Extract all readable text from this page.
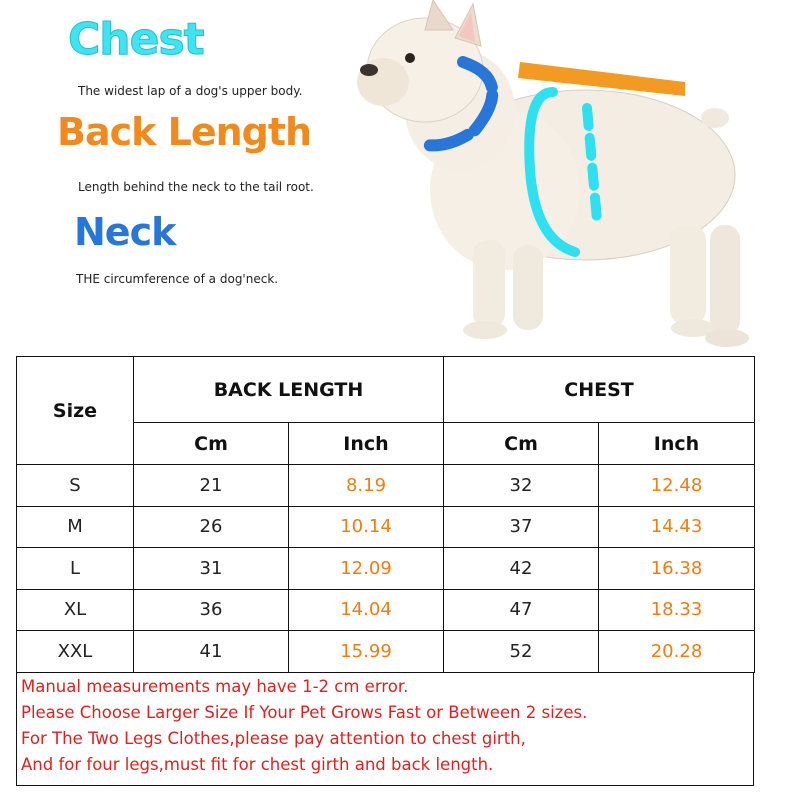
Chest
The widest lap of a dog's upper body.
Back Length
Length behind the neck to the tail root.
Neck
THE circumference of a dog'neck.
Size	BACK LENGTH		CHEST	
	Cm	Inch	Cm	Inch
S	21	8.19	32	12.48
M	26	10.14	37	14.43
L	31	12.09	42	16.38
XL	36	14.04	47	18.33
XXL	41	15.99	52	20.28

Manual measurements may have 1-2 cm error.

Please Choose Larger Size If Your Pet Grows Fast or Between 2 sizes.

For The Two Legs Clothes,please pay attention to chest girth,

And for four legs,must fit for chest girth and back length.
